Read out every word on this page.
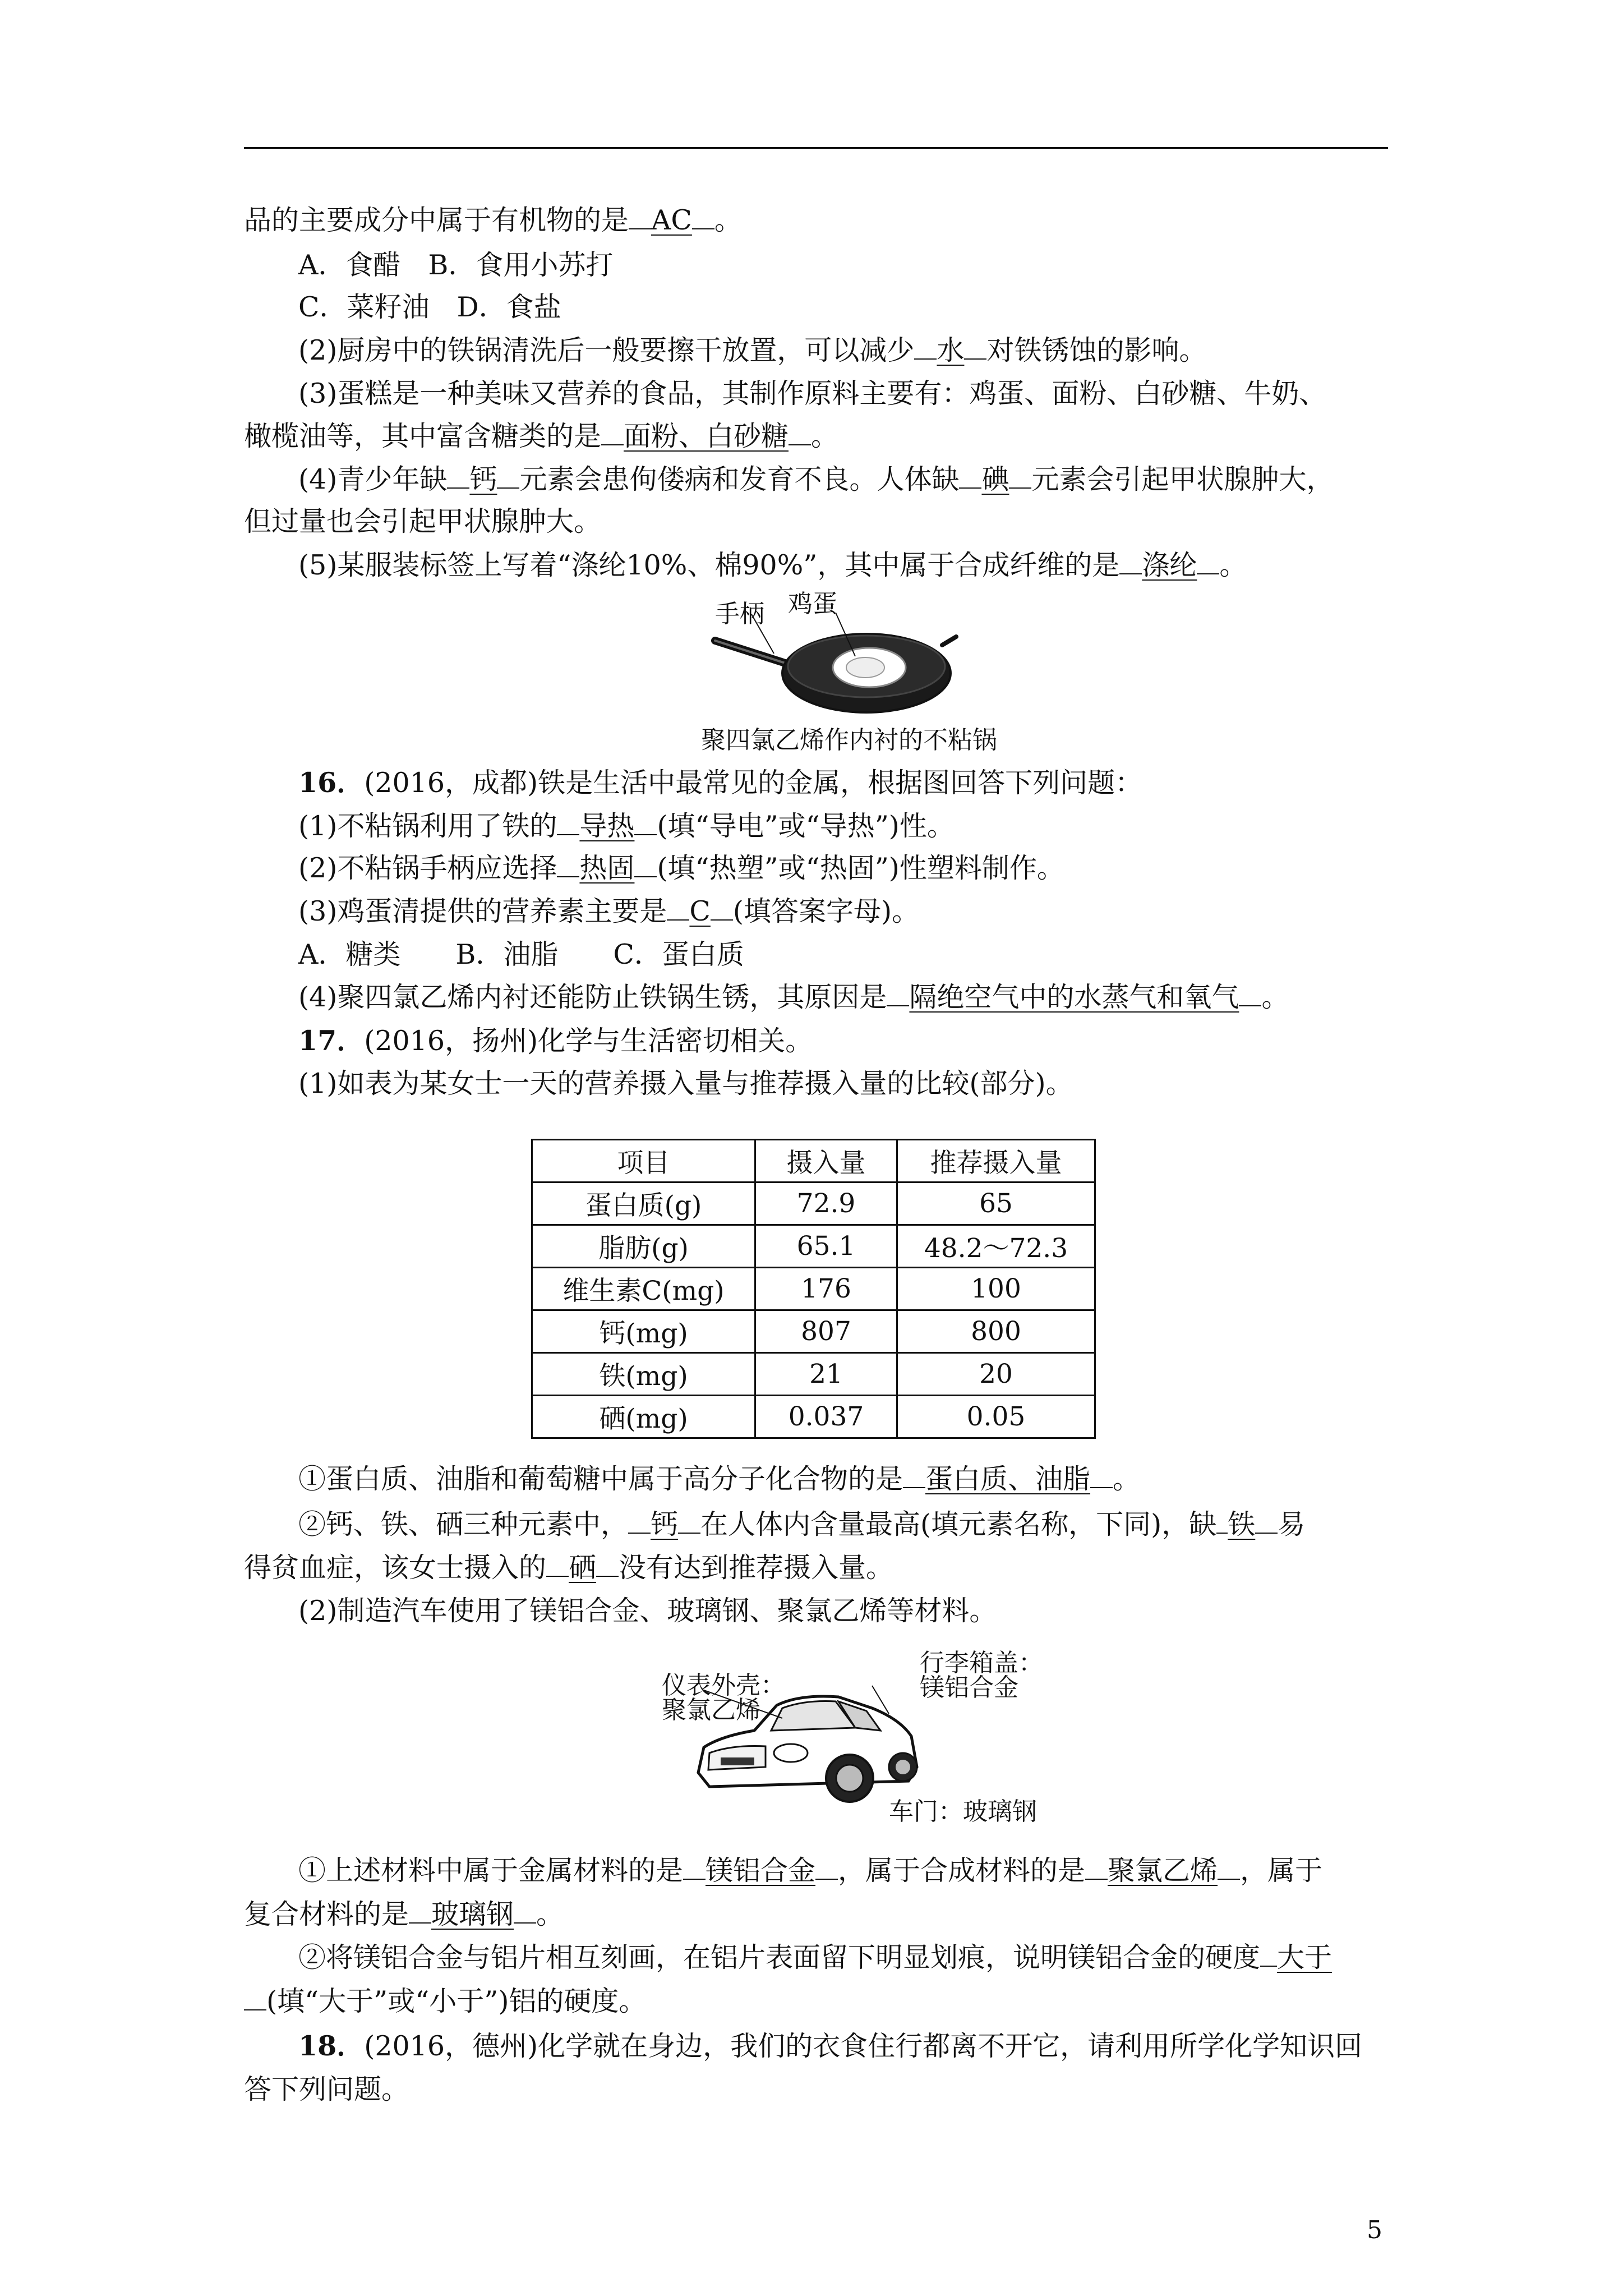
品的主要成分中属于有机物的是 AC 。
A．食醋　B．食用小苏打
C．菜籽油　D．食盐
(2)厨房中的铁锅清洗后一般要擦干放置，可以减少 水 对铁锈蚀的影响。
(3)蛋糕是一种美味又营养的食品，其制作原料主要有：鸡蛋、面粉、白砂糖、牛奶、
橄榄油等，其中富含糖类的是 面粉、白砂糖 。
(4)青少年缺 钙 元素会患佝偻病和发育不良。人体缺 碘 元素会引起甲状腺肿大，
但过量也会引起甲状腺肿大。
(5)某服装标签上写着“涤纶10%、棉90%”，其中属于合成纤维的是 涤纶 。
手柄 鸡蛋
聚四氯乙烯作内衬的不粘锅
16．(2016，成都)铁是生活中最常见的金属，根据图回答下列问题：
(1)不粘锅利用了铁的 导热 (填“导电”或“导热”)性。
(2)不粘锅手柄应选择 热固 (填“热塑”或“热固”)性塑料制作。
(3)鸡蛋清提供的营养素主要是 C (填答案字母)。
A．糖类　　B．油脂　　C．蛋白质
(4)聚四氯乙烯内衬还能防止铁锅生锈，其原因是 隔绝空气中的水蒸气和氧气 。
17．(2016，扬州)化学与生活密切相关。
(1)如表为某女士一天的营养摄入量与推荐摄入量的比较(部分)。
项目	摄入量	推荐摄入量
蛋白质(g)	72.9	65
脂肪(g)	65.1	48.2～72.3
维生素C(mg)	176	100
钙(mg)	807	800
铁(mg)	21	20
硒(mg)	0.037	0.05
①蛋白质、油脂和葡萄糖中属于高分子化合物的是 蛋白质、油脂 。
②钙、铁、硒三种元素中， 钙 在人体内含量最高(填元素名称，下同)，缺 铁 易
得贫血症，该女士摄入的 硒 没有达到推荐摄入量。
(2)制造汽车使用了镁铝合金、玻璃钢、聚氯乙烯等材料。
仪表外壳：
聚氯乙烯
行李箱盖：
镁铝合金
车门：玻璃钢
①上述材料中属于金属材料的是 镁铝合金 ，属于合成材料的是 聚氯乙烯 ，属于
复合材料的是 玻璃钢 。
②将镁铝合金与铝片相互刻画，在铝片表面留下明显划痕，说明镁铝合金的硬度 大于
(填“大于”或“小于”)铝的硬度。
18．(2016，德州)化学就在身边，我们的衣食住行都离不开它，请利用所学化学知识回
答下列问题。
5
